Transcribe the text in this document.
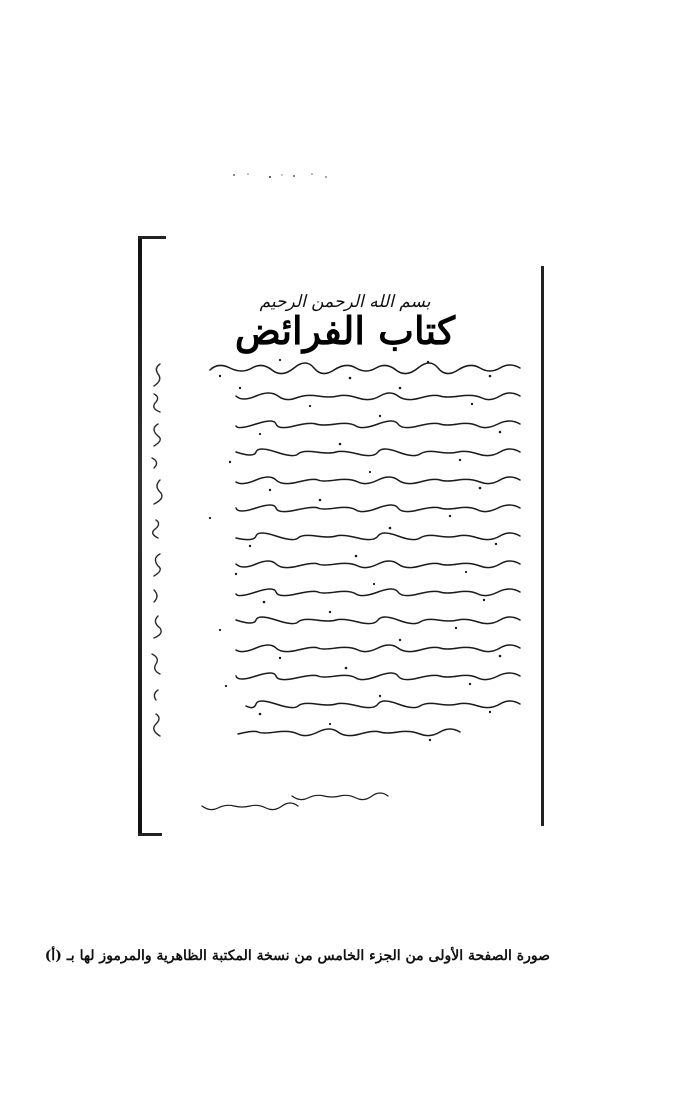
بسم الله الرحمن الرحيم

كتاب الفرائض

صورة الصفحة الأولى من الجزء الخامس من نسخة المكتبة الظاهرية والمرموز لها بـ (أ)
